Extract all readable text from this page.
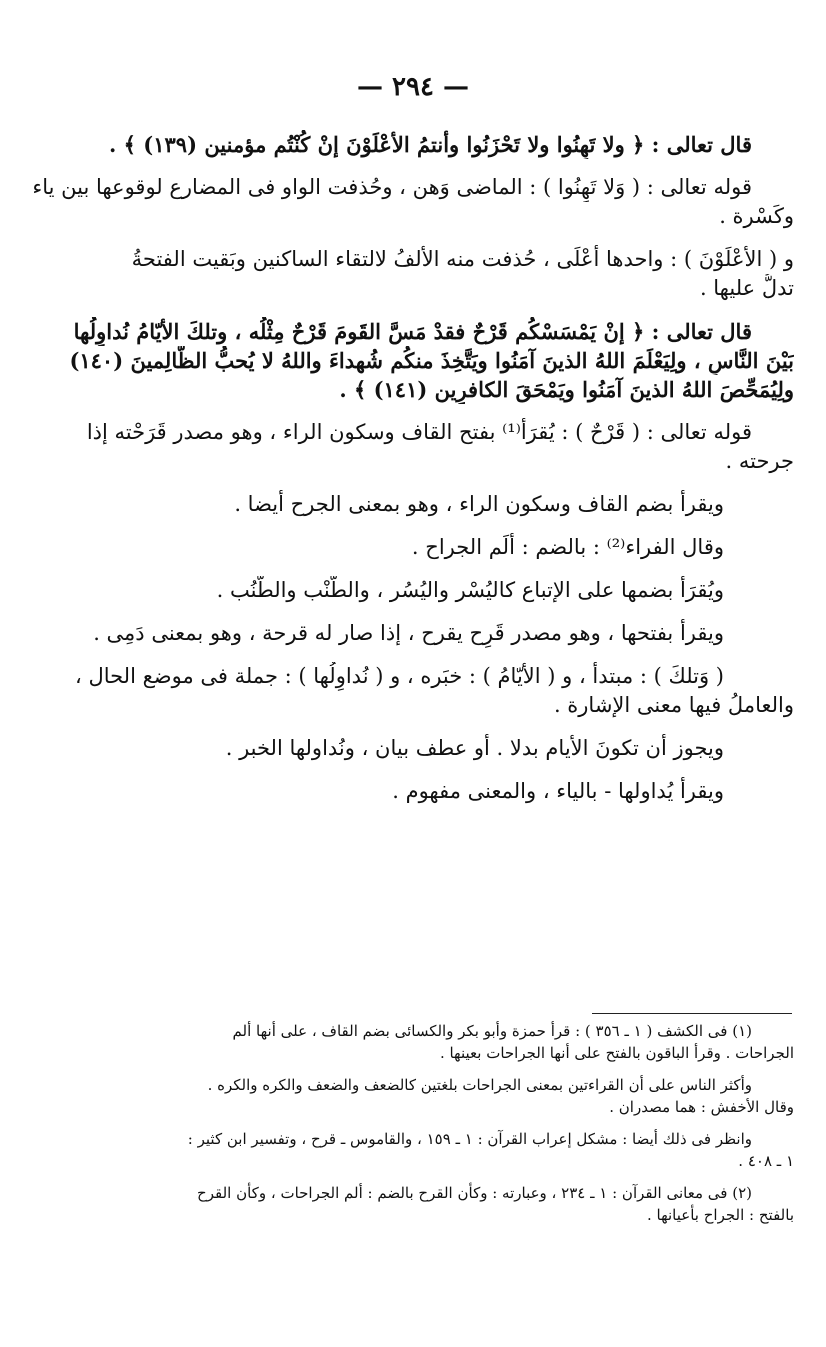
— ٢٩٤ —
قال تعالى : ﴿ ولا تَهِنُوا ولا تَحْزَنُوا وأنتمُ الأعْلَوْنَ إنْ كُنْتُم مؤمنين (١٣٩) ﴾ .
قوله تعالى : ( وَلا تَهِنُوا ) : الماضى وَهن ، وحُذفت الواو فى المضارع لوقوعها بين ياء
وكَسْرة .
و ( الأعْلَوْنَ ) : واحدها أعْلَى ، حُذفت منه الألفُ لالتقاء الساكنين وبَقيت الفتحةُ
تدلُّ عليها .
قال تعالى : ﴿ إنْ يَمْسَسْكُم قَرْحٌ فقدْ مَسَّ القَومَ قَرْحٌ مِثْلُه ، وتلكَ الأيّامُ نُداوِلُها
بَيْنَ النَّاسِ ، ولِيَعْلَمَ اللهُ الذينَ آمَنُوا ويَتَّخِذَ منكُم شُهداءَ واللهُ لا يُحبُّ الظَّالِمينَ (١٤٠)
ولِيُمَحِّصَ اللهُ الذينَ آمَنُوا ويَمْحَقَ الكافرِين (١٤١) ﴾ .
قوله تعالى : ( قَرْحٌ ) : يُقرَأ⁽¹⁾ بفتح القاف وسكون الراء ، وهو مصدر قَرَحْته إذا
جرحته .
ويقرأ بضم القاف وسكون الراء ، وهو بمعنى الجرح أيضا .
وقال الفراء⁽²⁾ : بالضم : أَلَم الجراح .
ويُقرَأ بضمها على الإتباع كاليُسْر واليُسُر ، والطُّنْب والطُّنُب .
ويقرأ بفتحها ، وهو مصدر قَرِح يقرح ، إذا صار له قرحة ، وهو بمعنى دَمِى .
( وَتلكَ ) : مبتدأ ، و ( الأيّامُ ) : خبَره ، و ( نُداوِلُها ) : جملة فى موضع الحال ،
والعاملُ فيها معنى الإشارة .
ويجوز أن تكونَ الأيام بدلا . أو عطف بيان ، ونُداولها الخبر .
ويقرأ يُداولها - بالياء ، والمعنى مفهوم .
(١) فى الكشف ( ١ ـ ٣٥٦ ) : قرأ حمزة وأبو بكر والكسائى بضم القاف ، على أنها ألم
الجراحات . وقرأ الباقون بالفتح على أنها الجراحات بعينها .
وأكثر الناس على أن القراءتين بمعنى الجراحات بلغتين كالضعف والضعف والكره والكره .
وقال الأخفش : هما مصدران .
وانظر فى ذلك أيضا : مشكل إعراب القرآن : ١ ـ ١٥٩ ، والقاموس ـ قرح ، وتفسير ابن كثير :
١ ـ ٤٠٨ .
(٢) فى معانى القرآن : ١ ـ ٢٣٤ ، وعبارته : وكأن القرح بالضم : ألم الجراحات ، وكأن القرح
بالفتح : الجراح بأعيانها .
